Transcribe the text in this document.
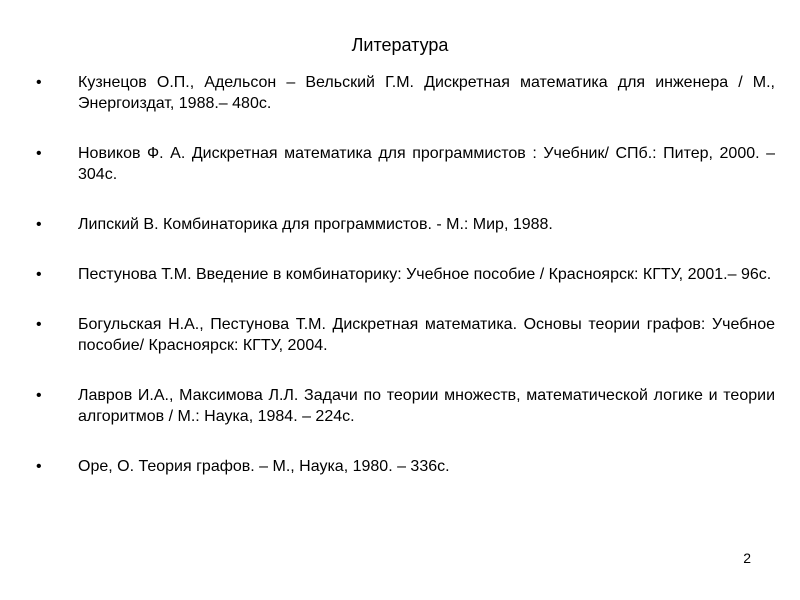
Литература
• Кузнецов О.П., Адельсон – Вельский Г.М. Дискретная математика для инженера / М., Энергоиздат, 1988.– 480с.
• Новиков Ф. А. Дискретная математика для программистов : Учебник/ СПб.: Питер, 2000. – 304с.
• Липский В. Комбинаторика для программистов. - М.: Мир, 1988.
• Пестунова Т.М. Введение в комбинаторику: Учебное пособие / Красноярск: КГТУ, 2001.– 96с.
• Богульская Н.А., Пестунова Т.М. Дискретная математика. Основы теории графов: Учебное пособие/ Красноярск: КГТУ, 2004.
• Лавров И.А., Максимова Л.Л. Задачи по теории множеств, математической логике и теории алгоритмов / М.: Наука, 1984. – 224с.
• Оре, О. Теория графов. – М., Наука, 1980. – 336с.
2
